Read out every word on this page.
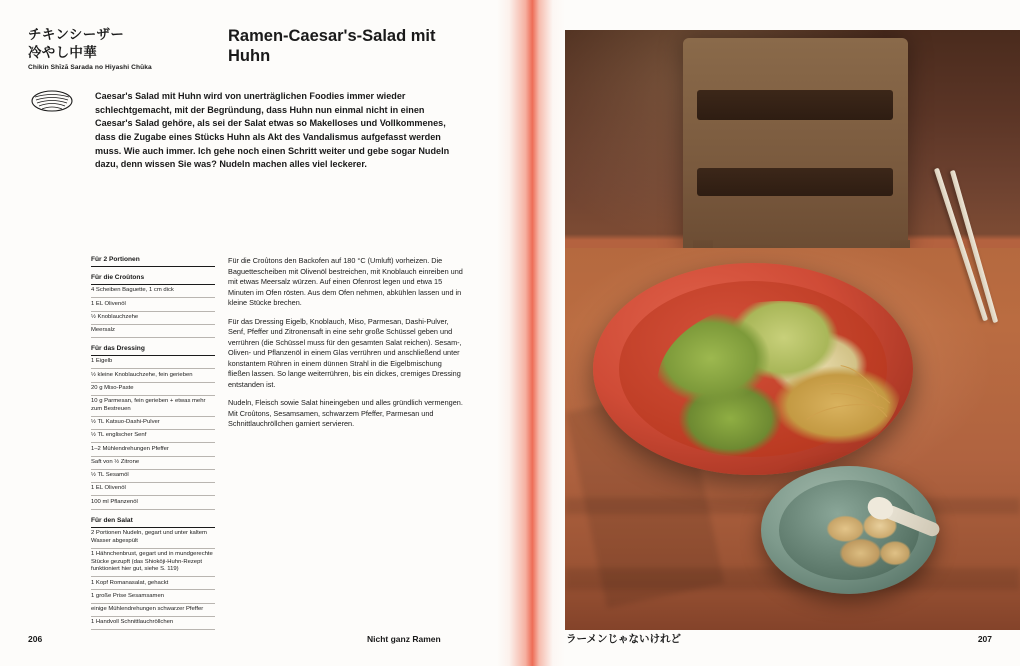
チキンシーザー
冷やし中華
Chikin Shīzā Sarada no Hiyashi Chūka
Ramen-Caesar's-Salad mit Huhn
Caesar's Salad mit Huhn wird von unerträglichen Foodies immer wieder schlechtgemacht, mit der Begründung, dass Huhn nun einmal nicht in einen Caesar's Salad gehöre, als sei der Salat etwas so Makelloses und Vollkommenes, dass die Zugabe eines Stücks Huhn als Akt des Vandalismus aufgefasst werden muss. Wie auch immer. Ich gehe noch einen Schritt weiter und gebe sogar Nudeln dazu, denn wissen Sie was? Nudeln machen alles viel leckerer.
Für 2 Portionen
Für die Croûtons
4 Scheiben Baguette, 1 cm dick
1 EL Olivenöl
½ Knoblauchzehe
Meersalz
Für das Dressing
1 Eigelb
½ kleine Knoblauchzehe, fein gerieben
20 g Miso-Paste
10 g Parmesan, fein gerieben + etwas mehr zum Bestreuen
½ TL Katsuo-Dashi-Pulver
½ TL englischer Senf
1–2 Mühlendrehungen Pfeffer
Saft von ½ Zitrone
½ TL Sesamöl
1 EL Olivenöl
100 ml Pflanzenöl
Für den Salat
2 Portionen Nudeln, gegart und unter kaltem Wasser abgespült
1 Hähnchenbrust, gegart und in mundgerechte Stücke gezupft (das Shiokōji-Huhn-Rezept funktioniert hier gut, siehe S. 119)
1 Kopf Romanasalat, gehackt
1 große Prise Sesamsamen
einige Mühlendrehungen schwarzer Pfeffer
1 Handvoll Schnittlauchröllchen

Für die Croûtons den Backofen auf 180 °C (Umluft) vorheizen. Die Baguettescheiben mit Olivenöl bestreichen, mit Knoblauch einreiben und mit etwas Meersalz würzen. Auf einen Ofenrost legen und etwa 15 Minuten im Ofen rösten. Aus dem Ofen nehmen, abkühlen lassen und in kleine Stücke brechen.

Für das Dressing Eigelb, Knoblauch, Miso, Parmesan, Dashi-Pulver, Senf, Pfeffer und Zitronensaft in eine sehr große Schüssel geben und verrühren (die Schüssel muss für den gesamten Salat reichen). Sesam-, Oliven- und Pflanzenöl in einem Glas verrühren und anschließend unter konstantem Rühren in einem dünnen Strahl in die Eigelbmischung fließen lassen. So lange weiterrühren, bis ein dickes, cremiges Dressing entstanden ist.

Nudeln, Fleisch sowie Salat hineingeben und alles gründlich vermengen. Mit Croûtons, Sesamsamen, schwarzem Pfeffer, Parmesan und Schnittlauchröllchen garniert servieren.

206	Nicht ganz Ramen	ラーメンじゃないけれど	207
